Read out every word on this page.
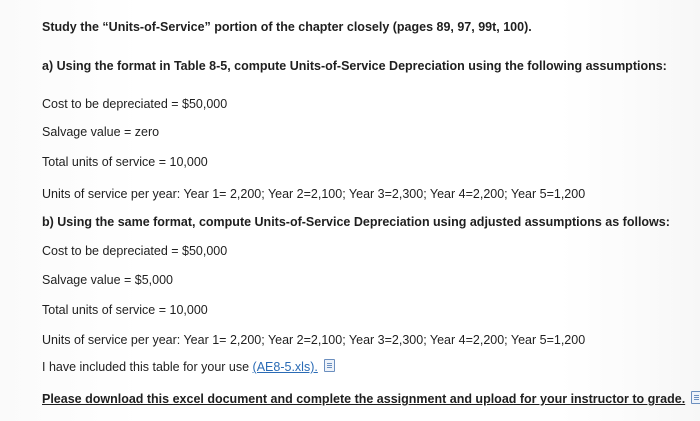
Study the “Units-of-Service” portion of the chapter closely (pages 89, 97, 99t, 100).
a) Using the format in Table 8-5, compute Units-of-Service Depreciation using the following assumptions:
Cost to be depreciated = $50,000
Salvage value = zero
Total units of service = 10,000
Units of service per year: Year 1= 2,200; Year 2=2,100; Year 3=2,300; Year 4=2,200; Year 5=1,200
b) Using the same format, compute Units-of-Service Depreciation using adjusted assumptions as follows:
Cost to be depreciated = $50,000
Salvage value = $5,000
Total units of service = 10,000
Units of service per year: Year 1= 2,200; Year 2=2,100; Year 3=2,300; Year 4=2,200; Year 5=1,200
I have included this table for your use (AE8-5.xls).
Please download this excel document and complete the assignment and upload for your instructor to grade.
